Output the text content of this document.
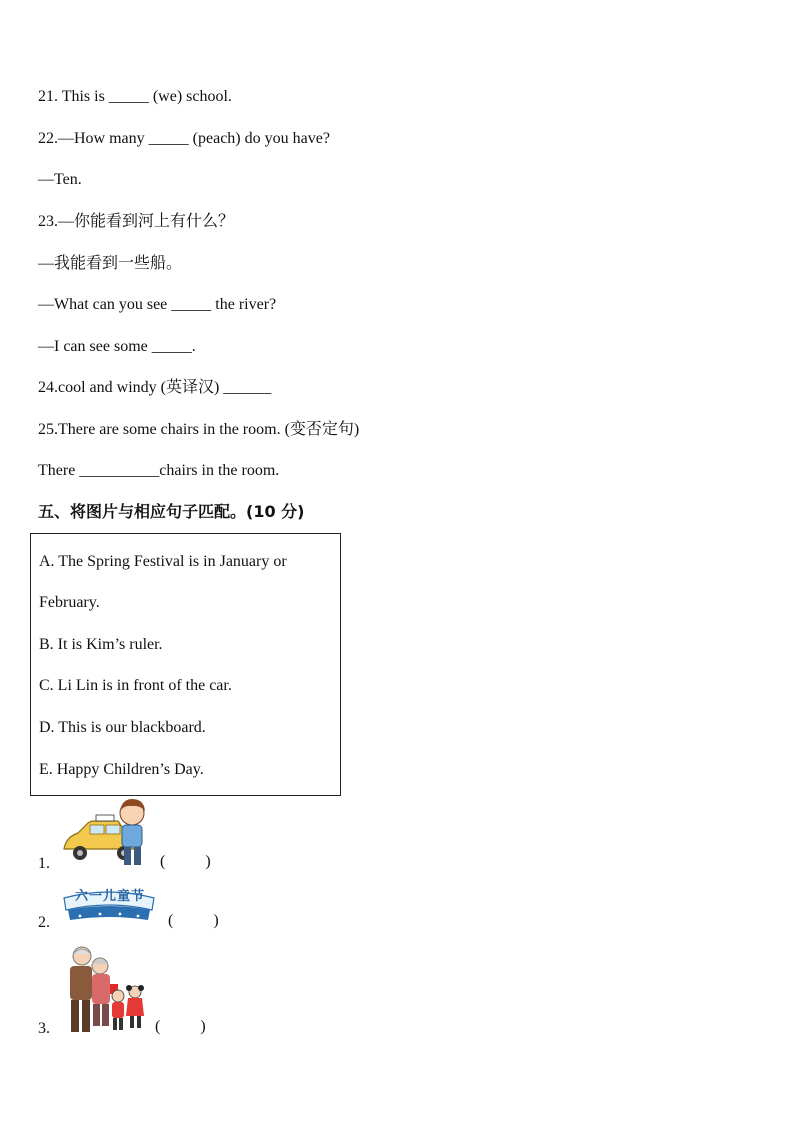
21. This is _____ (we) school.
22.—How many _____ (peach) do you have?
—Ten.
23.—你能看到河上有什么？
—我能看到一些船。
—What can you see _____ the river?
—I can see some _____.
24.cool and windy (英译汉) ______
25.There are some chairs in the room. (变否定句)
There __________chairs in the room.
五、将图片与相应句子匹配。(10 分)
A. The Spring Festival is in January or
February.
B. It is Kim’s ruler.
C. Li Lin is in front of the car.
D. This is our blackboard.
E. Happy Children’s Day.
1.	(          )
2.
六一儿童节
(          )
3.	(          )
